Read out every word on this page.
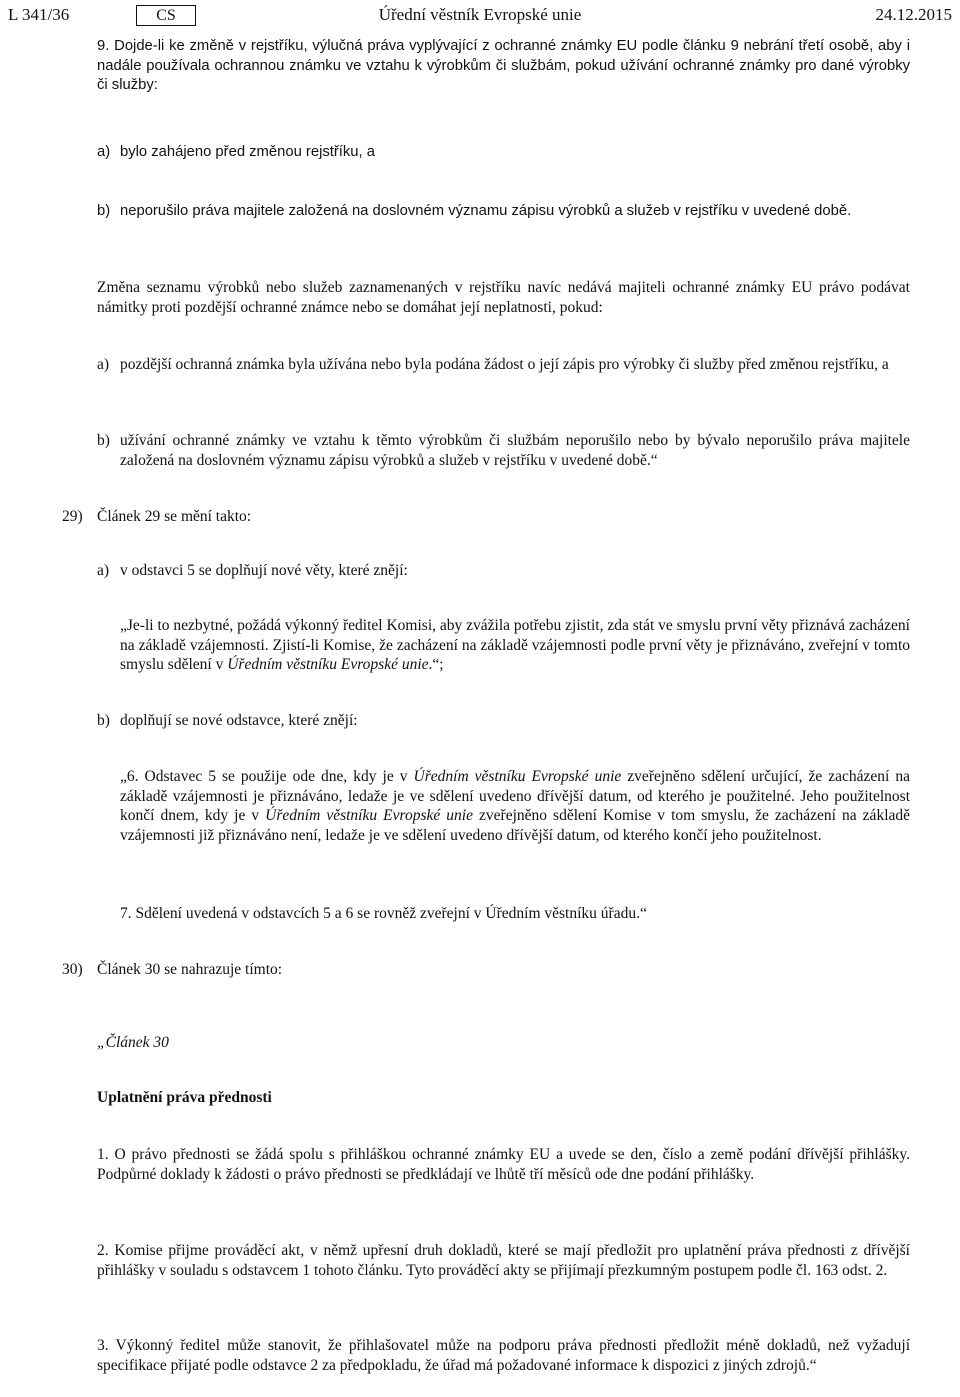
L 341/36	CS	Úřední věstník Evropské unie	24.12.2015

9. Dojde-li ke změně v rejstříku, výlučná práva vyplývající z ochranné známky EU podle článku 9 nebrání třetí osobě, aby i nadále používala ochrannou známku ve vztahu k výrobkům či službám, pokud užívání ochranné známky pro dané výrobky či služby:

a) bylo zahájeno před změnou rejstříku, a
b) neporušilo práva majitele založená na doslovném významu zápisu výrobků a služeb v rejstříku v uvedené době.

Změna seznamu výrobků nebo služeb zaznamenaných v rejstříku navíc nedává majiteli ochranné známky EU právo podávat námitky proti pozdější ochranné známce nebo se domáhat její neplatnosti, pokud:

a) pozdější ochranná známka byla užívána nebo byla podána žádost o její zápis pro výrobky či služby před změnou rejstříku, a
b) užívání ochranné známky ve vztahu k těmto výrobkům či službám neporušilo nebo by bývalo neporušilo práva majitele založená na doslovném významu zápisu výrobků a služeb v rejstříku v uvedené době.“
29) Článek 29 se mění takto:
a) v odstavci 5 se doplňují nové věty, které znějí:

„Je-li to nezbytné, požádá výkonný ředitel Komisi, aby zvážila potřebu zjistit, zda stát ve smyslu první věty přiznává zacházení na základě vzájemnosti. Zjistí-li Komise, že zacházení na základě vzájemnosti podle první věty je přiznáváno, zveřejní v tomto smyslu sdělení v Úředním věstníku Evropské unie.“;

b) doplňují se nové odstavce, které znějí:

„6. Odstavec 5 se použije ode dne, kdy je v Úředním věstníku Evropské unie zveřejněno sdělení určující, že zacházení na základě vzájemnosti je přiznáváno, ledaže je ve sdělení uvedeno dřívější datum, od kterého je použitelné. Jeho použitelnost končí dnem, kdy je v Úředním věstníku Evropské unie zveřejněno sdělení Komise v tom smyslu, že zacházení na základě vzájemnosti již přiznáváno není, ledaže je ve sdělení uvedeno dřívější datum, od kterého končí jeho použitelnost.

7. Sdělení uvedená v odstavcích 5 a 6 se rovněž zveřejní v Úředním věstníku úřadu.“

30) Článek 30 se nahrazuje tímto:

„Článek 30

Uplatnění práva přednosti

1. O právo přednosti se žádá spolu s přihláškou ochranné známky EU a uvede se den, číslo a země podání dřívější přihlášky. Podpůrné doklady k žádosti o právo přednosti se předkládají ve lhůtě tří měsíců ode dne podání přihlášky.

2. Komise přijme prováděcí akt, v němž upřesní druh dokladů, které se mají předložit pro uplatnění práva přednosti z dřívější přihlášky v souladu s odstavcem 1 tohoto článku. Tyto prováděcí akty se přijímají přezkumným postupem podle čl. 163 odst. 2.

3. Výkonný ředitel může stanovit, že přihlašovatel může na podporu práva přednosti předložit méně dokladů, než vyžadují specifikace přijaté podle odstavce 2 za předpokladu, že úřad má požadované informace k dispozici z jiných zdrojů.“
